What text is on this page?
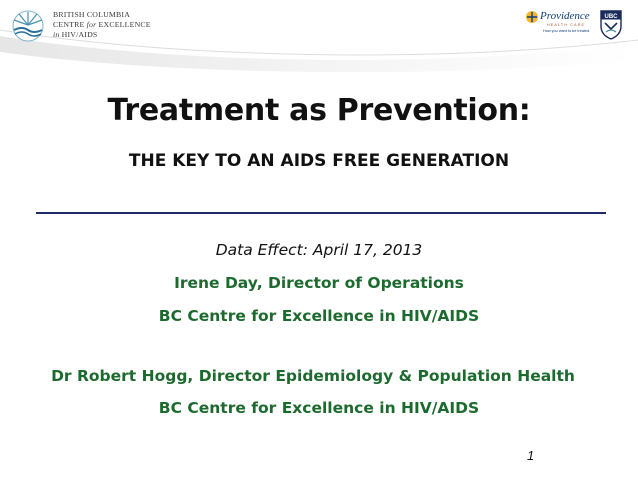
BRITISH COLUMBIA
CENTRE for EXCELLENCE
in HIV/AIDS
Providence
HEALTH CARE
How you want to be treated.
UBC
Treatment as Prevention:
THE KEY TO AN AIDS FREE GENERATION
Data Effect: April 17, 2013
Irene Day, Director of Operations
BC Centre for Excellence in HIV/AIDS
Dr Robert Hogg, Director Epidemiology & Population Health
BC Centre for Excellence in HIV/AIDS
1
